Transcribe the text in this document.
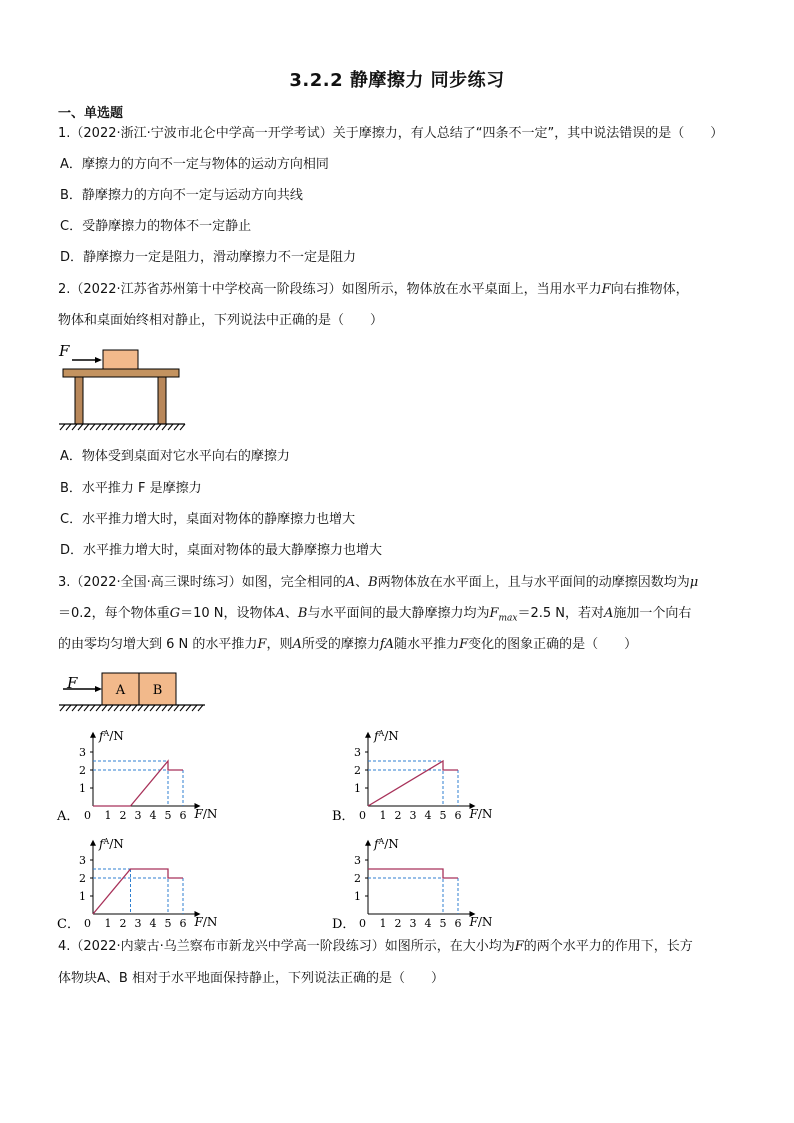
3.2.2 静摩擦力 同步练习
一、单选题
1.（2022·浙江·宁波市北仑中学高一开学考试）关于摩擦力，有人总结了“四条不一定”，其中说法错误的是（　　）
A．摩擦力的方向不一定与物体的运动方向相同
B．静摩擦力的方向不一定与运动方向共线
C．受静摩擦力的物体不一定静止
D．静摩擦力一定是阻力，滑动摩擦力不一定是阻力
2.（2022·江苏省苏州第十中学校高一阶段练习）如图所示，物体放在水平桌面上，当用水平力F向右推物体，
物体和桌面始终相对静止，下列说法中正确的是（　　）
F
A．物体受到桌面对它水平向右的摩擦力
B．水平推力 F 是摩擦力
C．水平推力增大时，桌面对物体的静摩擦力也增大
D．水平推力增大时，桌面对物体的最大静摩擦力也增大
3.（2022·全国·高三课时练习）如图，完全相同的A、B两物体放在水平面上，且与水平面间的动摩擦因数均为μ
＝0.2，每个物体重G＝10 N，设物体A、B与水平面间的最大静摩擦力均为$F_{max}=2.5$ N，若对A施加一个向右
的由零均匀增大到 6 N 的水平推力F，则A所受的摩擦力fA随水平推力F变化的图象正确的是（　　）
F	A B
A．
$f^A/N$
F/N
0 1 2 3 4 5 6
1
2
3
B．
$f^A/N$
F/N
0 1 2 3 4 5 6
1
2
3
C．
$f^A/N$
F/N
0 1 2 3 4 5 6
1
2
3
D．
$f^A/N$
F/N
0 1 2 3 4 5 6
1
2
3
4.（2022·内蒙古·乌兰察布市新龙兴中学高一阶段练习）如图所示，在大小均为F的两个水平力的作用下，长方
体物块A、B 相对于水平地面保持静止，下列说法正确的是（　　）
